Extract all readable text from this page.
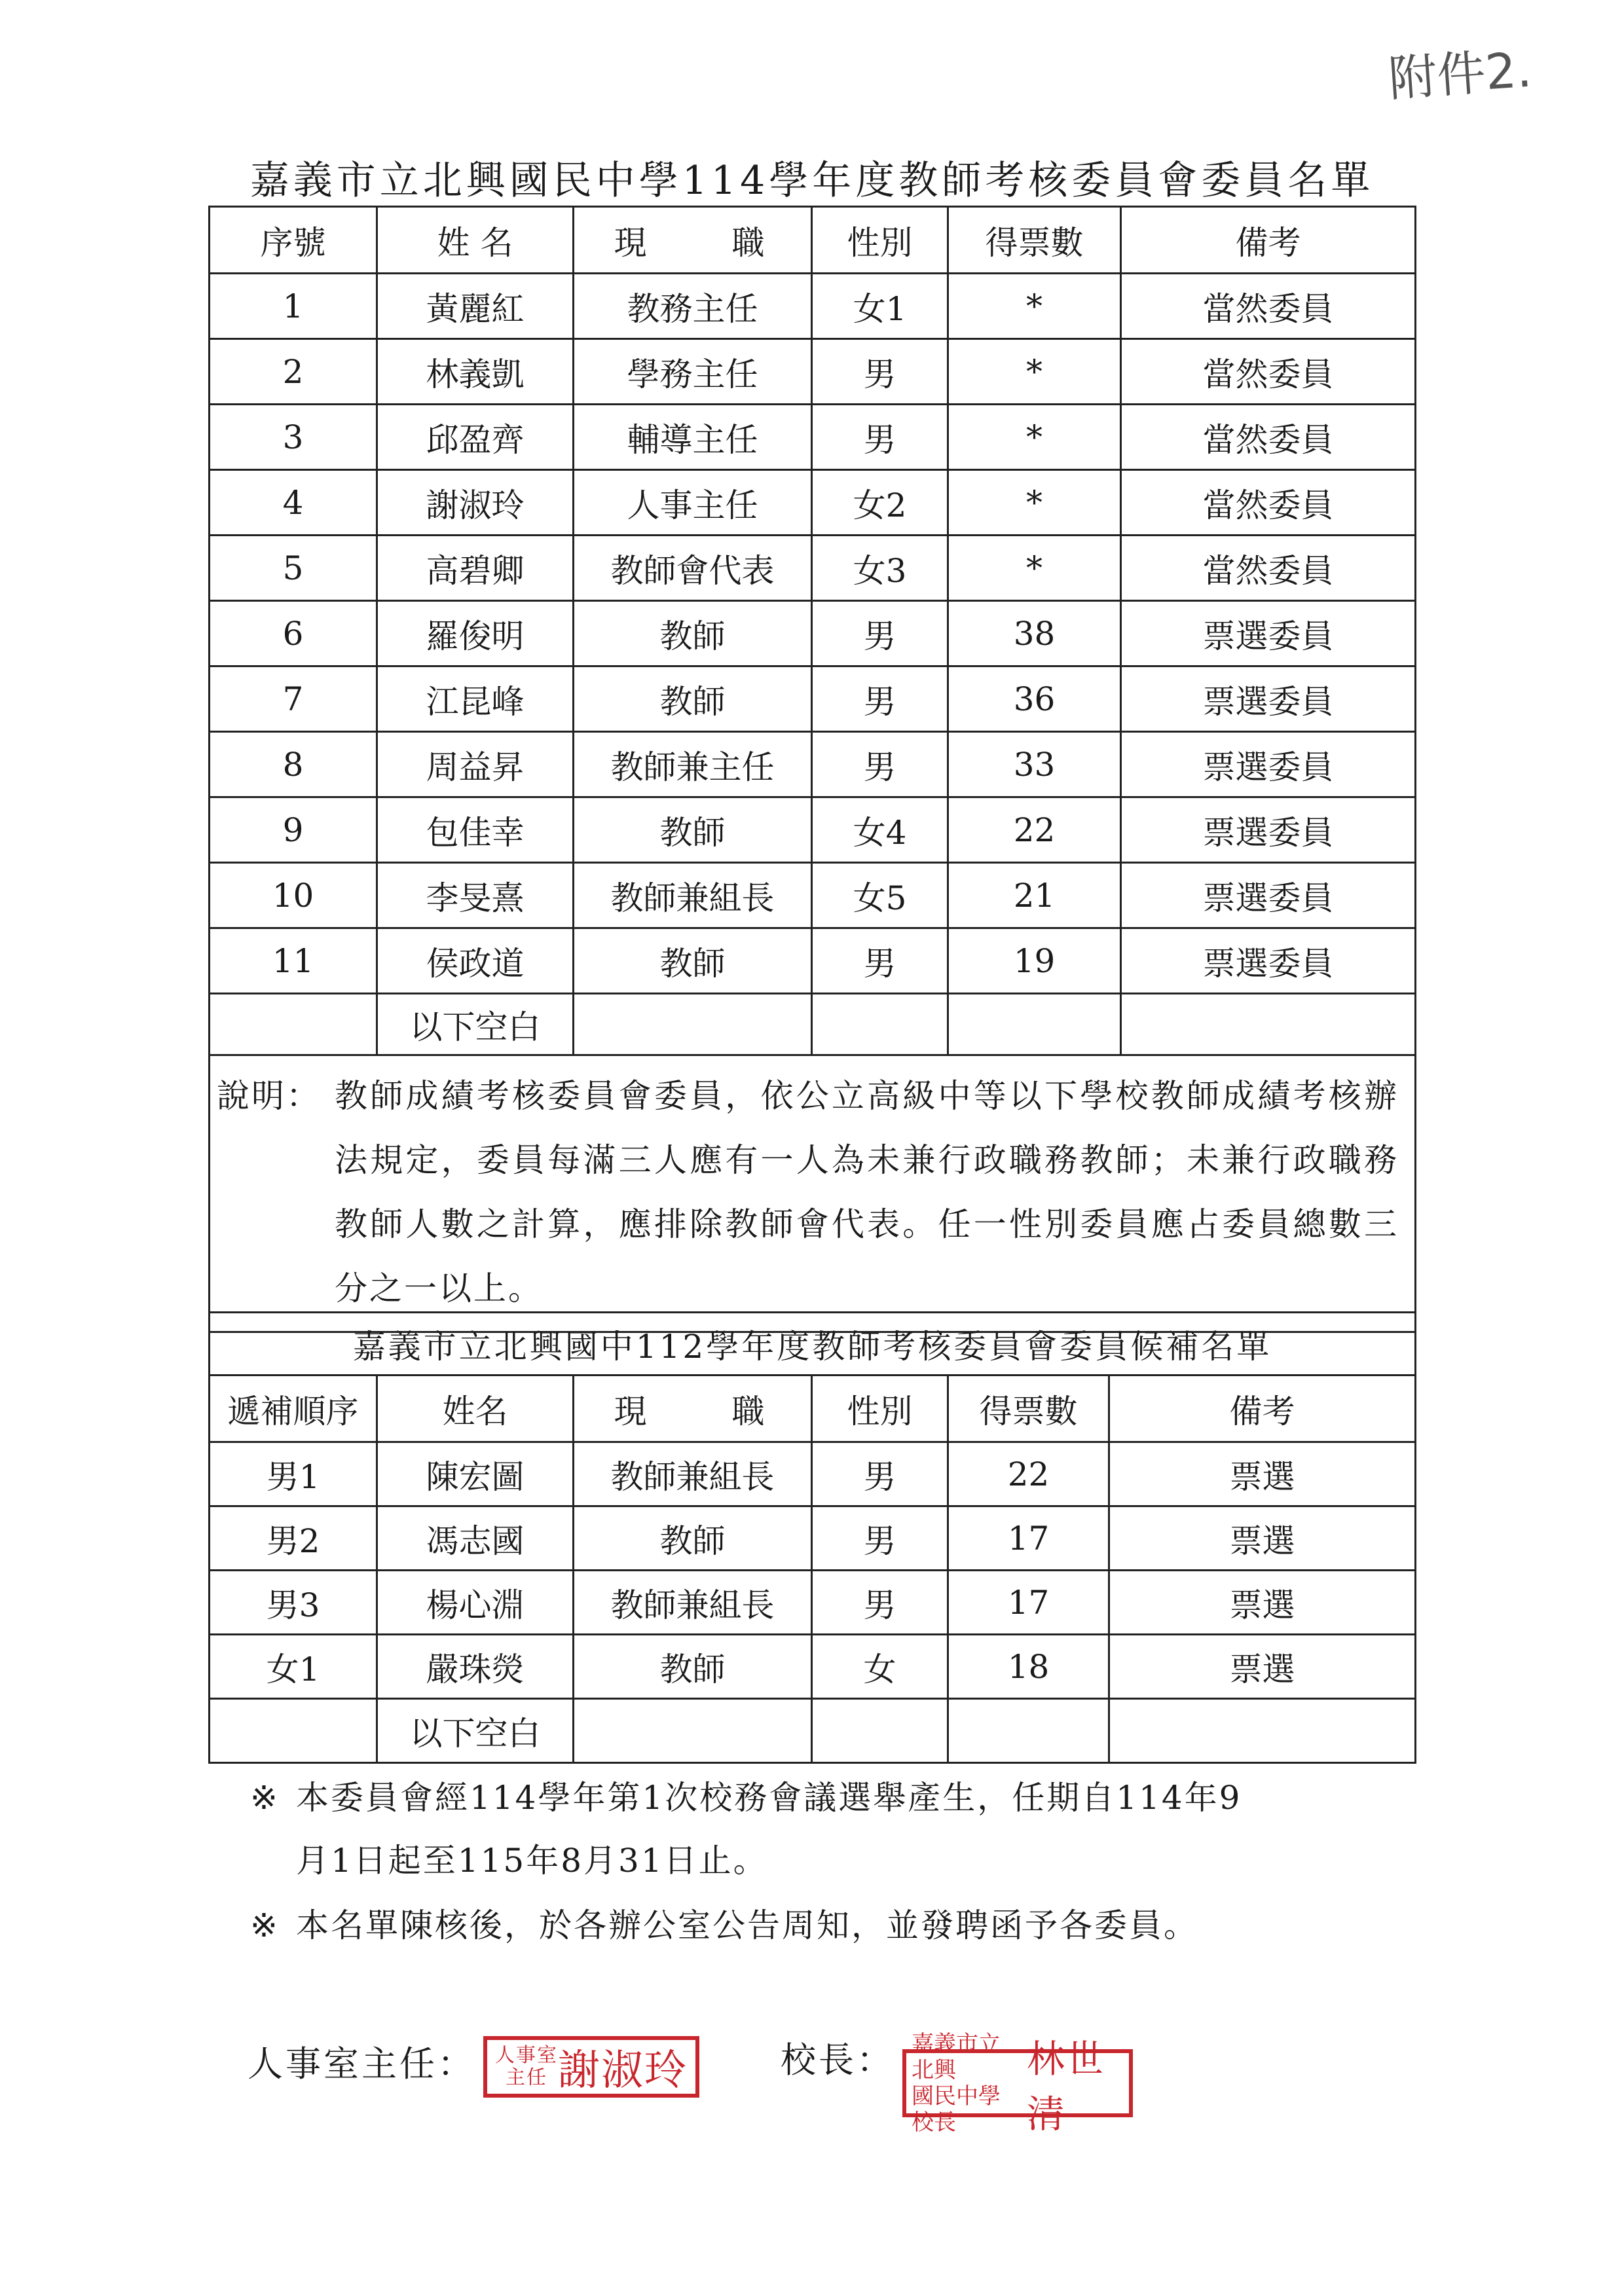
附件2.
嘉義市立北興國民中學114學年度教師考核委員會委員名單
序號	姓 名	現　　職	性別	得票數	備考
1	黃麗紅	教務主任	女1	*	當然委員
2	林義凱	學務主任	男	*	當然委員
3	邱盈齊	輔導主任	男	*	當然委員
4	謝淑玲	人事主任	女2	*	當然委員
5	高碧卿	教師會代表	女3	*	當然委員
6	羅俊明	教師	男	38	票選委員
7	江昆峰	教師	男	36	票選委員
8	周益昇	教師兼主任	男	33	票選委員
9	包佳幸	教師	女4	22	票選委員
10	李旻熹	教師兼組長	女5	21	票選委員
11	侯政道	教師	男	19	票選委員
	以下空白				

說明： 教師成績考核委員會委員，依公立高級中等以下學校教師成績考核辦法規定，委員每滿三人應有一人為未兼行政職務教師；未兼行政職務教師人數之計算，應排除教師會代表。任一性別委員應占委員總數三分之一以上。					
嘉義市立北興國中112學年度教師考核委員會委員候補名單					
遞補順序	姓名	現　　職	性別	得票數	備考
男1	陳宏圖	教師兼組長	男	22	票選
男2	馮志國	教師	男	17	票選
男3	楊心淵	教師兼組長	男	17	票選
女1	嚴珠熒	教師	女	18	票選
	以下空白				
※ 本委員會經114學年第1次校務會議選舉產生，任期自114年9
月1日起至115年8月31日止。
※ 本名單陳核後，於各辦公室公告周知，並發聘函予各委員。
人事室主任： 人事室主任 謝淑玲	校長： 嘉義市立北興
國民中學校長
林世清
